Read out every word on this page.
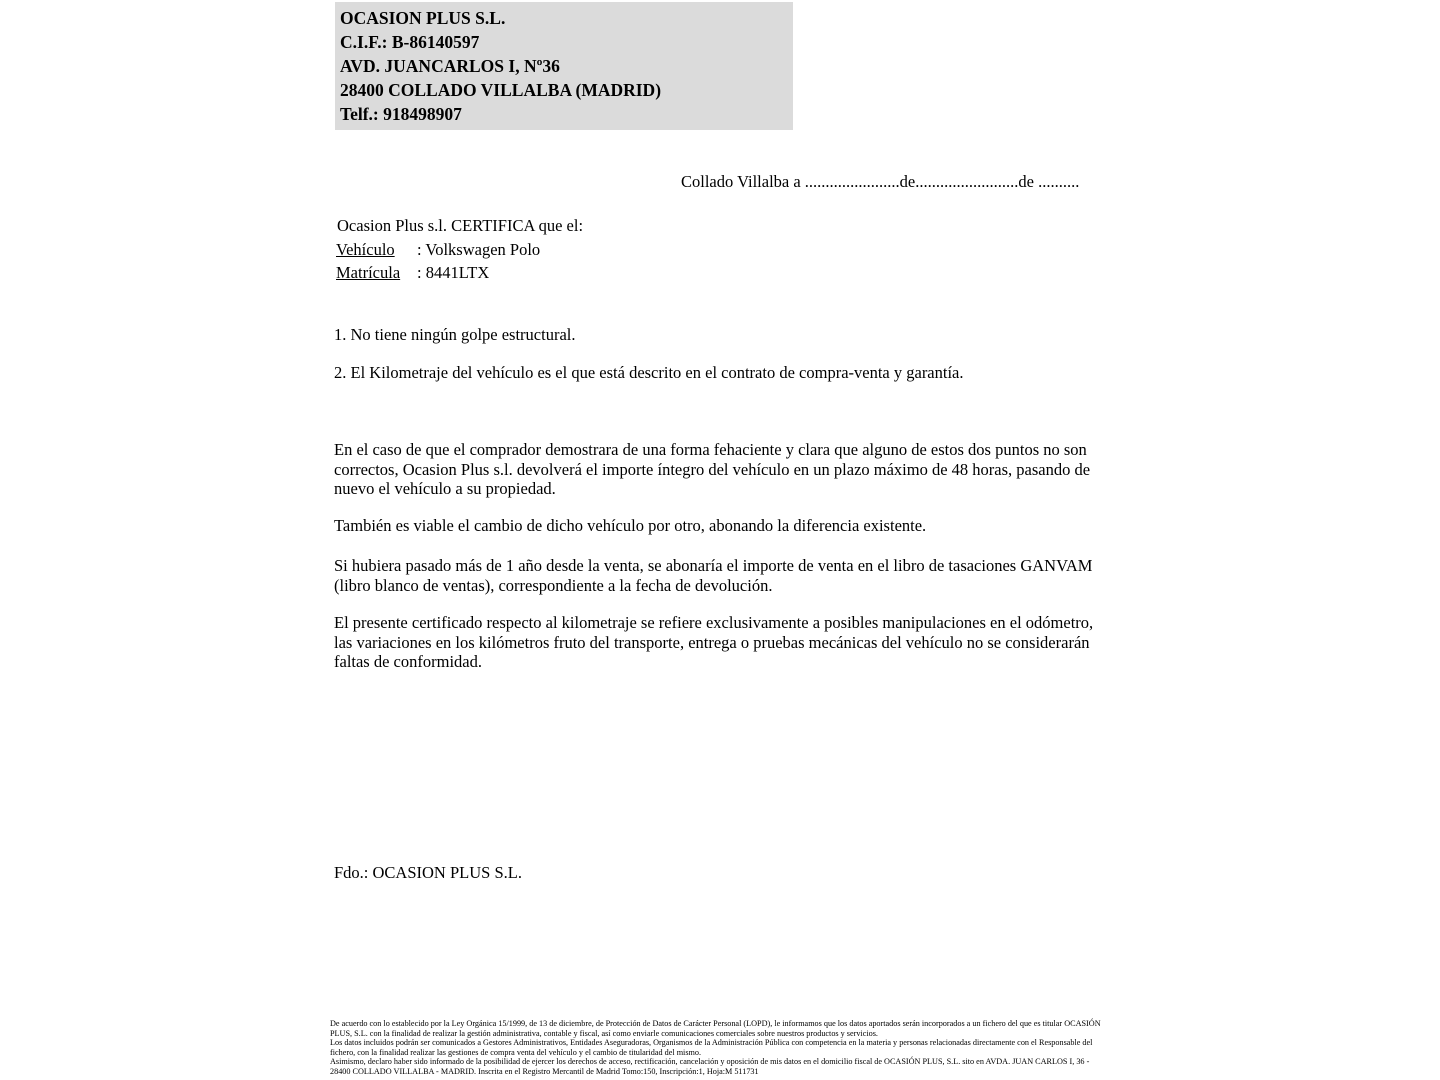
OCASION PLUS S.L.
C.I.F.: B-86140597
AVD. JUANCARLOS I, Nº36
28400 COLLADO VILLALBA (MADRID)
Telf.: 918498907
Collado Villalba a .......................de.........................de ..........
Ocasion Plus s.l. CERTIFICA que el:
Vehículo : Volkswagen Polo
Matrícula : 8441LTX
1. No tiene ningún golpe estructural.
2. El Kilometraje del vehículo es el que está descrito en el contrato de compra-venta y garantía.
En el caso de que el comprador demostrara de una forma fehaciente y clara que alguno de estos dos puntos no son correctos, Ocasion Plus s.l. devolverá el importe íntegro del vehículo en un plazo máximo de 48 horas, pasando de nuevo el vehículo a su propiedad.
También es viable el cambio de dicho vehículo por otro, abonando la diferencia existente.
Si hubiera pasado más de 1 año desde la venta, se abonaría el importe de venta en el libro de tasaciones GANVAM (libro blanco de ventas), correspondiente a la fecha de devolución.
El presente certificado respecto al kilometraje se refiere exclusivamente a posibles manipulaciones en el odómetro, las variaciones en los kilómetros fruto del transporte, entrega o pruebas mecánicas del vehículo no se considerarán faltas de conformidad.
Fdo.: OCASION PLUS S.L.

De acuerdo con lo establecido por la Ley Orgánica 15/1999, de 13 de diciembre, de Protección de Datos de Carácter Personal (LOPD), le informamos que los datos aportados serán incorporados a un fichero del que es titular OCASIÓN PLUS, S.L. con la finalidad de realizar la gestión administrativa, contable y fiscal, así como enviarle comunicaciones comerciales sobre nuestros productos y servicios.

Los datos incluidos podrán ser comunicados a Gestores Administrativos, Entidades Aseguradoras, Organismos de la Administración Pública con competencia en la materia y personas relacionadas directamente con el Responsable del fichero, con la finalidad realizar las gestiones de compra venta del vehículo y el cambio de titularidad del mismo.

Asimismo, declaro haber sido informado de la posibilidad de ejercer los derechos de acceso, rectificación, cancelación y oposición de mis datos en el domicilio fiscal de OCASIÓN PLUS, S.L. sito en AVDA. JUAN CARLOS I, 36 - 28400 COLLADO VILLALBA - MADRID. Inscrita en el Registro Mercantil de Madrid Tomo:150, Inscripción:1, Hoja:M 511731
